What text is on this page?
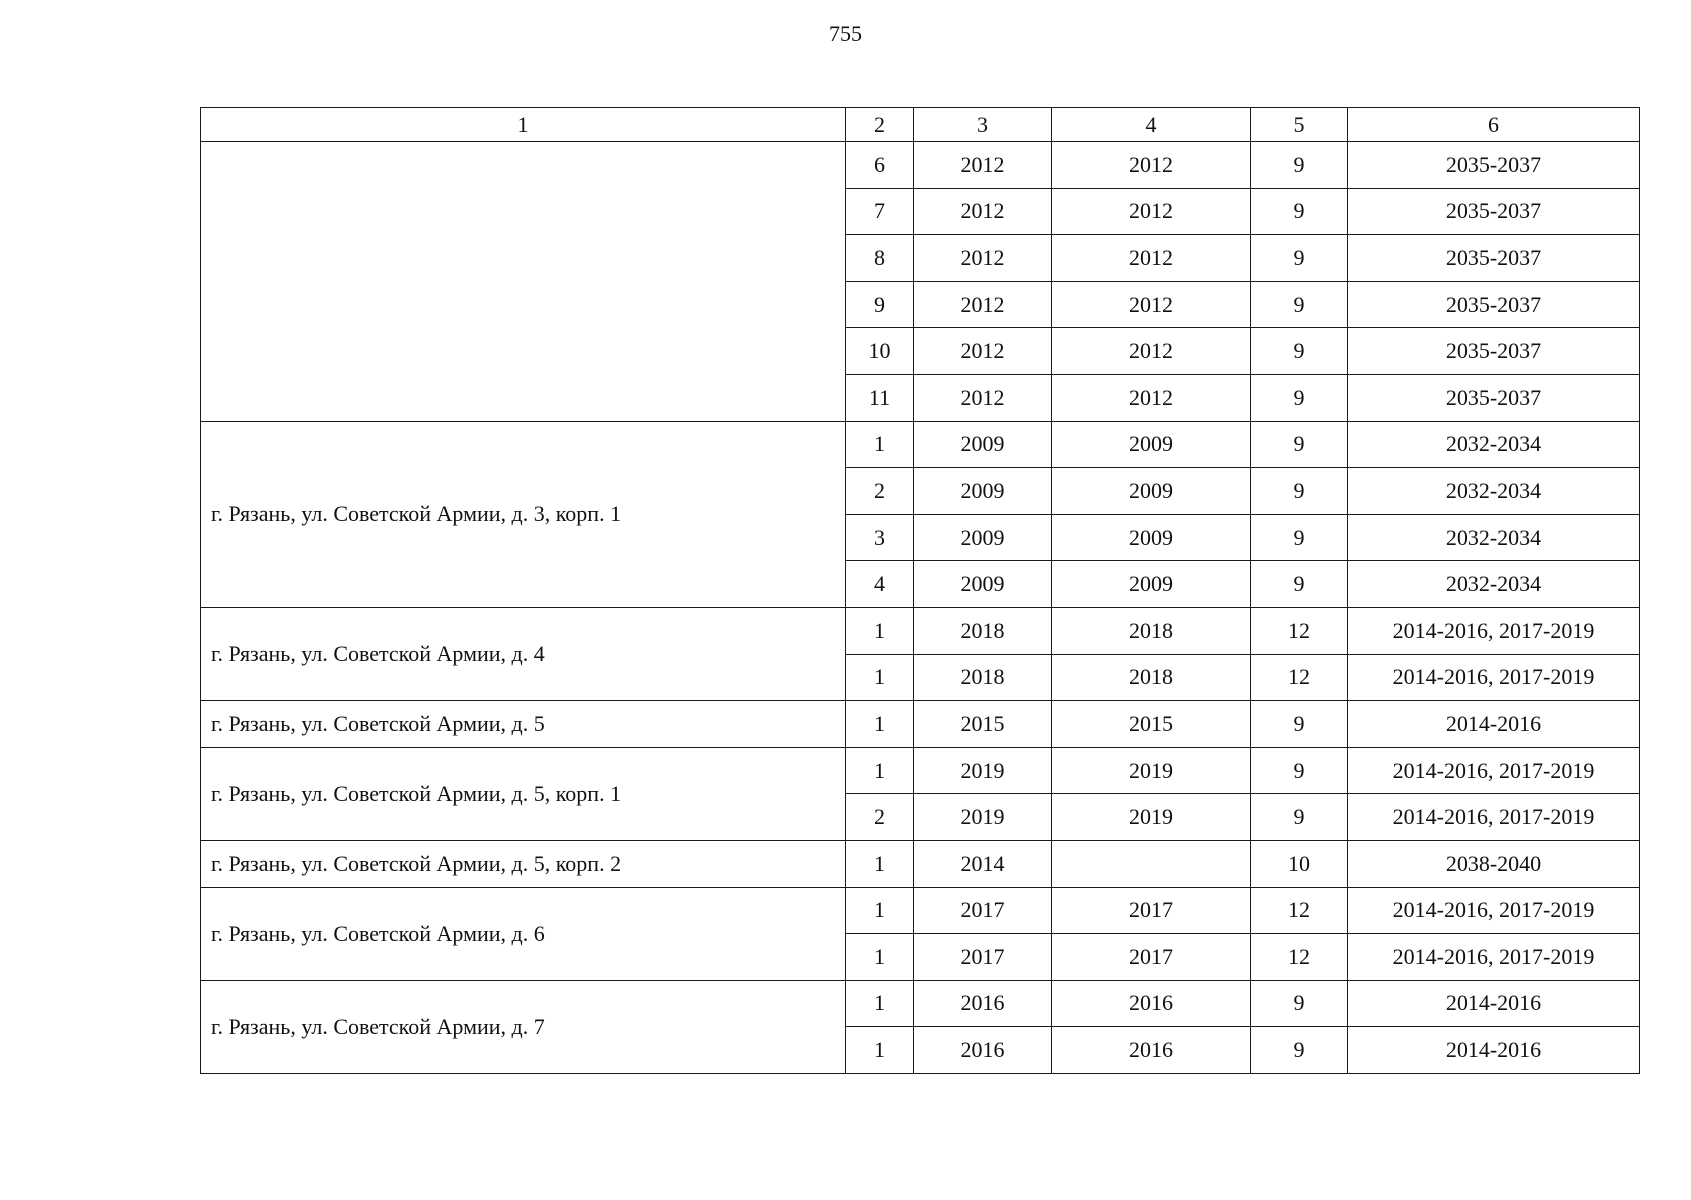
755
1	2	3	4	5	6
	6	2012	2012	9	2035-2037
	7	2012	2012	9	2035-2037
	8	2012	2012	9	2035-2037
	9	2012	2012	9	2035-2037
	10	2012	2012	9	2035-2037
	11	2012	2012	9	2035-2037
г. Рязань, ул. Советской Армии, д. 3, корп. 1	1	2009	2009	9	2032-2034
	2	2009	2009	9	2032-2034
	3	2009	2009	9	2032-2034
	4	2009	2009	9	2032-2034
г. Рязань, ул. Советской Армии, д. 4	1	2018	2018	12	2014-2016, 2017-2019
	1	2018	2018	12	2014-2016, 2017-2019
г. Рязань, ул. Советской Армии, д. 5	1	2015	2015	9	2014-2016
г. Рязань, ул. Советской Армии, д. 5, корп. 1	1	2019	2019	9	2014-2016, 2017-2019
	2	2019	2019	9	2014-2016, 2017-2019
г. Рязань, ул. Советской Армии, д. 5, корп. 2	1	2014		10	2038-2040
г. Рязань, ул. Советской Армии, д. 6	1	2017	2017	12	2014-2016, 2017-2019
	1	2017	2017	12	2014-2016, 2017-2019
г. Рязань, ул. Советской Армии, д. 7	1	2016	2016	9	2014-2016
	1	2016	2016	9	2014-2016
